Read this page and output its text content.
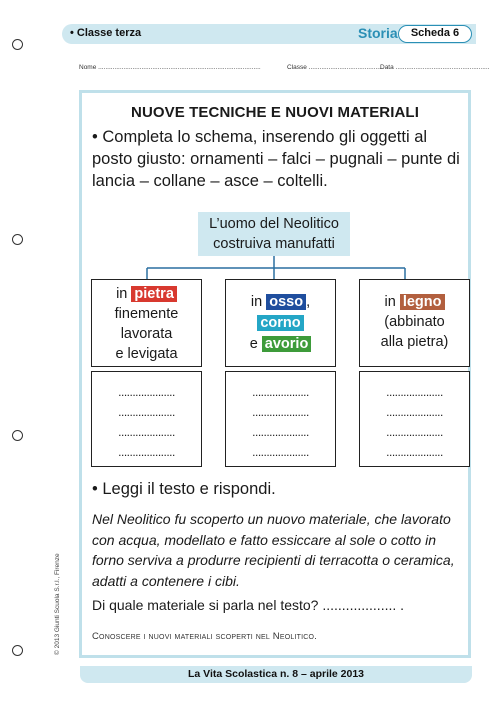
• Classe terza	Storia	Scheda 6
Nome ..........................................................................................	Classe .........................................
Data ....................................................
NUOVE TECNICHE E NUOVI MATERIALI
• Completa lo schema, inserendo gli oggetti al posto giusto: ornamenti – falci – pugnali – punte di lancia – collane – asce – coltelli.
L’uomo del Neolitico costruiva manufatti
in pietra
finemente
lavorata
e levigata
in osso ,
corno
e avorio
in legno
(abbinato
alla pietra)
....................
....................
....................
....................
....................
....................
....................
....................
....................
....................
....................
....................
• Leggi il testo e rispondi.
Nel Neolitico fu scoperto un nuovo materiale, che lavorato con acqua, modellato e fatto essiccare al sole o cotto in forno serviva a produrre recipienti di terracotta o ceramica, adatti a contenere i cibi.
Di quale materiale si parla nel testo? ................... .
Conoscere i nuovi materiali scoperti nel Neolitico.
La Vita Scolastica n. 8 – aprile 2013
© 2013 Giunti Scuola S.r.l., Firenze
